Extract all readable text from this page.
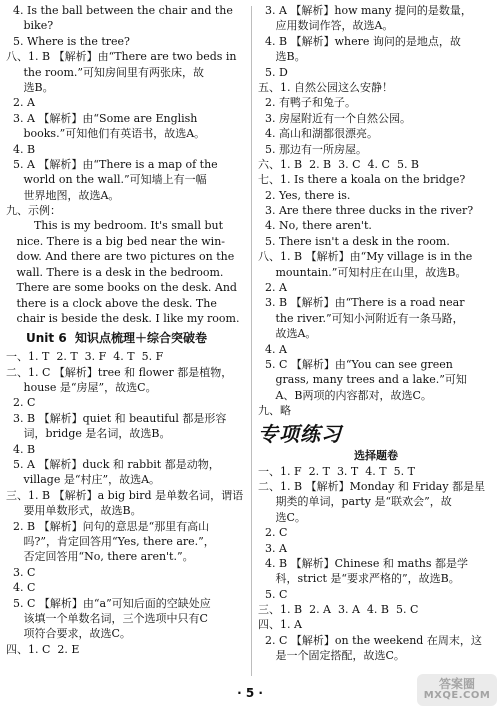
4. Is the ball between the chair and the
bike?
5. Where is the tree?
八、1. B 【解析】由“There are two beds in
the room.”可知房间里有两张床，故
选B。
2. A
3. A 【解析】由“Some are English
books.”可知他们有英语书，故选A。
4. B
5. A 【解析】由“There is a map of the
world on the wall.”可知墙上有一幅
世界地图，故选A。
九、示例：
This is my bedroom. It's small but
nice. There is a big bed near the win-
dow. And there are two pictures on the
wall. There is a desk in the bedroom.
There are some books on the desk. And
there is a clock above the desk. The
chair is beside the desk. I like my room.
Unit 6  知识点梳理＋综合突破卷
一、1. T  2. T  3. F  4. T  5. F
二、1. C 【解析】tree 和 flower 都是植物，
house 是“房屋”，故选C。
2. C
3. B 【解析】quiet 和 beautiful 都是形容
词，bridge 是名词，故选B。
4. B
5. A 【解析】duck 和 rabbit 都是动物，
village 是“村庄”，故选A。
三、1. B 【解析】a big bird 是单数名词，谓语
要用单数形式，故选B。
2. B 【解析】问句的意思是“那里有高山
吗?”，肯定回答用“Yes, there are.”，
否定回答用“No, there aren't.”。
3. C
4. C
5. C 【解析】由“a”可知后面的空缺处应
该填一个单数名词，三个选项中只有C
项符合要求，故选C。
四、1. C  2. E
3. A 【解析】how many 提问的是数量，
应用数词作答，故选A。
4. B 【解析】where 询问的是地点，故
选B。
5. D
五、1. 自然公园这么安静！
2. 有鸭子和兔子。
3. 房屋附近有一个自然公园。
4. 高山和湖都很漂亮。
5. 那边有一所房屋。
六、1. B  2. B  3. C  4. C  5. B
七、1. Is there a koala on the bridge?
2. Yes, there is.
3. Are there three ducks in the river?
4. No, there aren't.
5. There isn't a desk in the room.
八、1. B 【解析】由“My village is in the
mountain.”可知村庄在山里，故选B。
2. A
3. B 【解析】由“There is a road near
the river.”可知小河附近有一条马路，
故选A。
4. A
5. C 【解析】由“You can see green
grass, many trees and a lake.”可知
A、B两项的内容都对，故选C。
九、略
专项练习
选择题卷
一、1. F  2. T  3. T  4. T  5. T
二、1. B 【解析】Monday 和 Friday 都是星
期类的单词，party 是“联欢会”，故
选C。
2. C
3. A
4. B 【解析】Chinese 和 maths 都是学
科，strict 是“要求严格的”，故选B。
5. C
三、1. B  2. A  3. A  4. B  5. C
四、1. A
2. C 【解析】on the weekend 在周末，这
是一个固定搭配，故选C。
· 5 ·
答案圈
MXQE.COM
